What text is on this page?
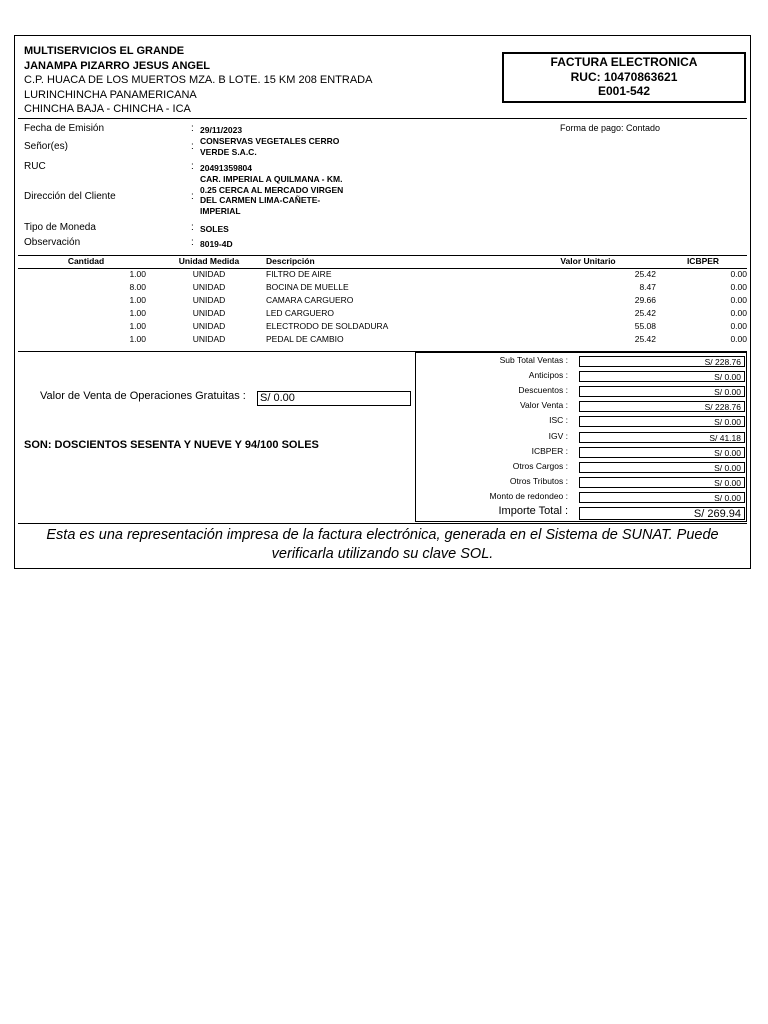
MULTISERVICIOS EL GRANDE
JANAMPA PIZARRO JESUS ANGEL
C.P. HUACA DE LOS MUERTOS MZA. B LOTE. 15 KM 208 ENTRADA
LURINCHINCHA PANAMERICANA
CHINCHA BAJA - CHINCHA - ICA
FACTURA ELECTRONICA
RUC: 10470863621
E001-542
Fecha de Emisión	: 29/11/2023	Forma de pago: Contado
Señor(es)	: CONSERVAS VEGETALES CERRO
VERDE S.A.C.
RUC	: 20491359804
Dirección del Cliente	:
CAR. IMPERIAL A QUILMANA - KM.
0.25 CERCA AL MERCADO VIRGEN
DEL CARMEN LIMA-CAÑETE-
IMPERIAL
Tipo de Moneda	: SOLES
Observación	: 8019-4D
Cantidad	Unidad Medida	Descripción	Valor Unitario	ICBPER
1.00	UNIDAD	FILTRO DE AIRE	25.42	0.00
8.00	UNIDAD	BOCINA DE MUELLE	8.47	0.00
1.00	UNIDAD	CAMARA CARGUERO	29.66	0.00
1.00	UNIDAD	LED CARGUERO	25.42	0.00
1.00	UNIDAD	ELECTRODO DE SOLDADURA	55.08	0.00
1.00	UNIDAD	PEDAL DE CAMBIO	25.42	0.00
Valor de Venta de Operaciones Gratuitas : S/ 0.00
SON: DOSCIENTOS SESENTA Y NUEVE Y 94/100 SOLES
Sub Total Ventas :	S/ 228.76
Anticipos :	S/ 0.00
Descuentos :	S/ 0.00
Valor Venta :	S/ 228.76
ISC :	S/ 0.00
IGV :	S/ 41.18
ICBPER :	S/ 0.00
Otros Cargos :	S/ 0.00
Otros Tributos :	S/ 0.00
Monto de redondeo :	S/ 0.00
Importe Total :	S/ 269.94
Esta es una representación impresa de la factura electrónica, generada en el Sistema de SUNAT. Puede
verificarla utilizando su clave SOL.
